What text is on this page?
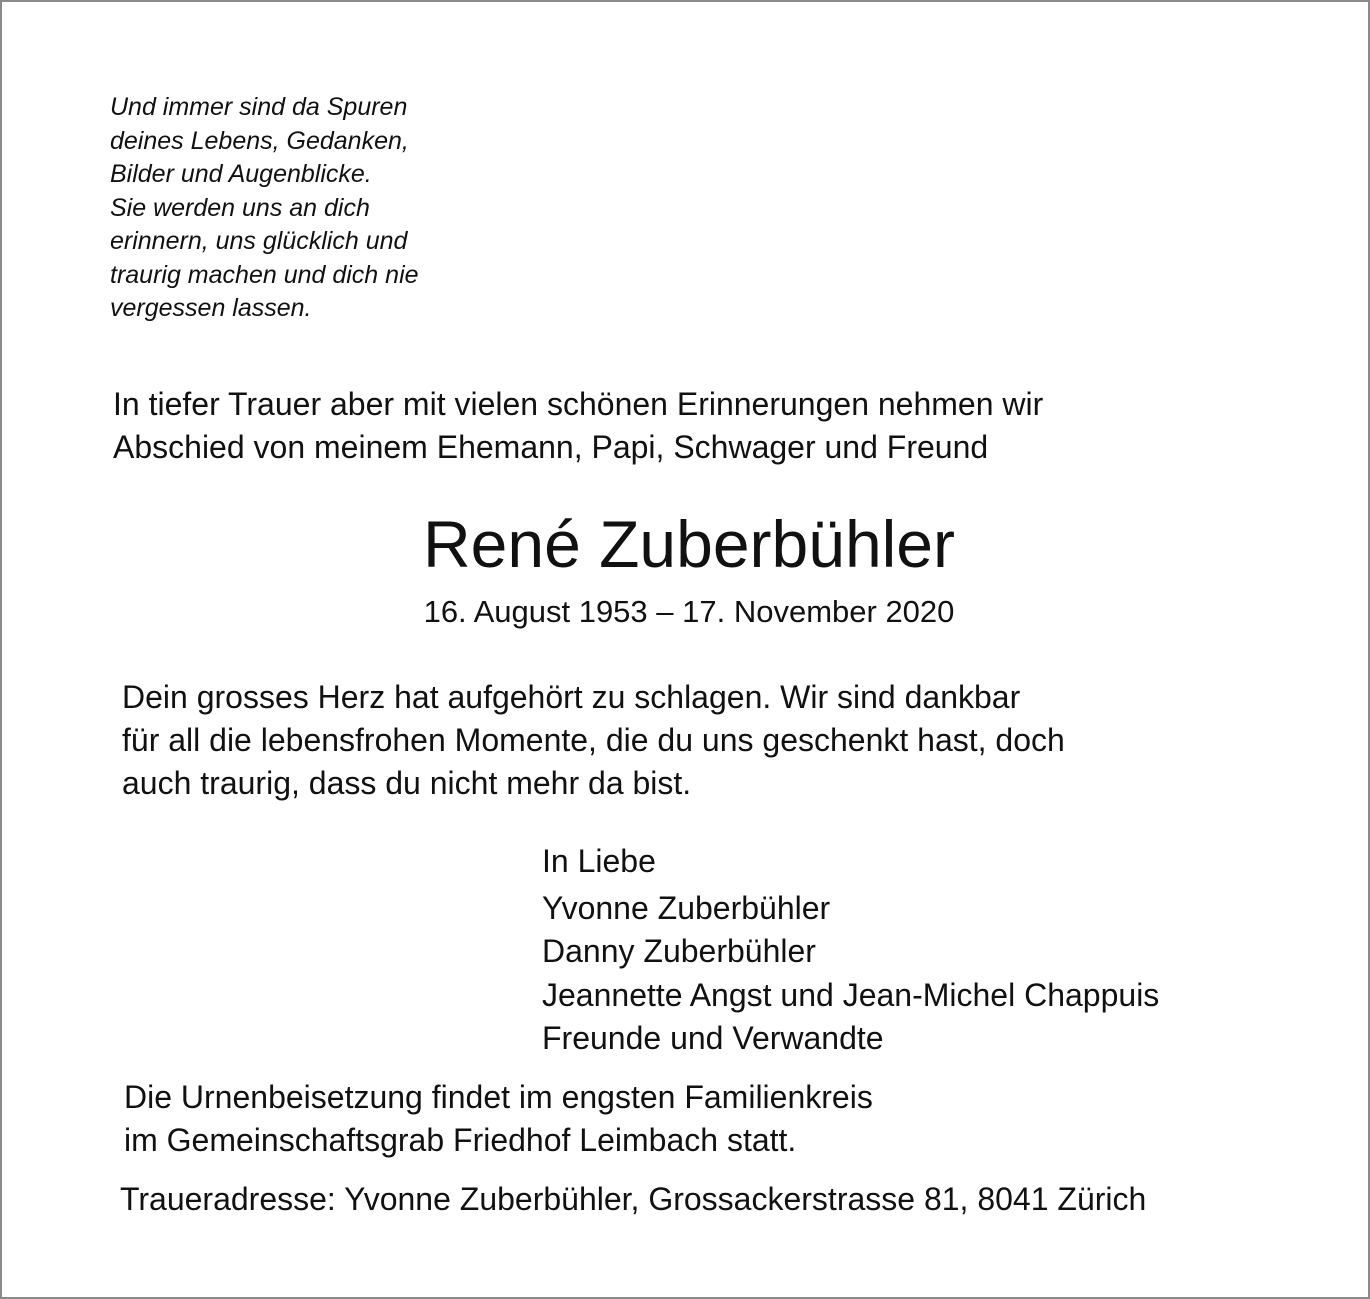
Und immer sind da Spuren
deines Lebens, Gedanken,
Bilder und Augenblicke.
Sie werden uns an dich
erinnern, uns glücklich und
traurig machen und dich nie
vergessen lassen.
In tiefer Trauer aber mit vielen schönen Erinnerungen nehmen wir
Abschied von meinem Ehemann, Papi, Schwager und Freund
René Zuberbühler
16. August 1953 – 17. November 2020
Dein grosses Herz hat aufgehört zu schlagen. Wir sind dankbar
für all die lebensfrohen Momente, die du uns geschenkt hast, doch
auch traurig, dass du nicht mehr da bist.
In Liebe
Yvonne Zuberbühler
Danny Zuberbühler
Jeannette Angst und Jean-Michel Chappuis
Freunde und Verwandte
Die Urnenbeisetzung findet im engsten Familienkreis
im Gemeinschaftsgrab Friedhof Leimbach statt.
Traueradresse: Yvonne Zuberbühler, Grossackerstrasse 81, 8041 Zürich
